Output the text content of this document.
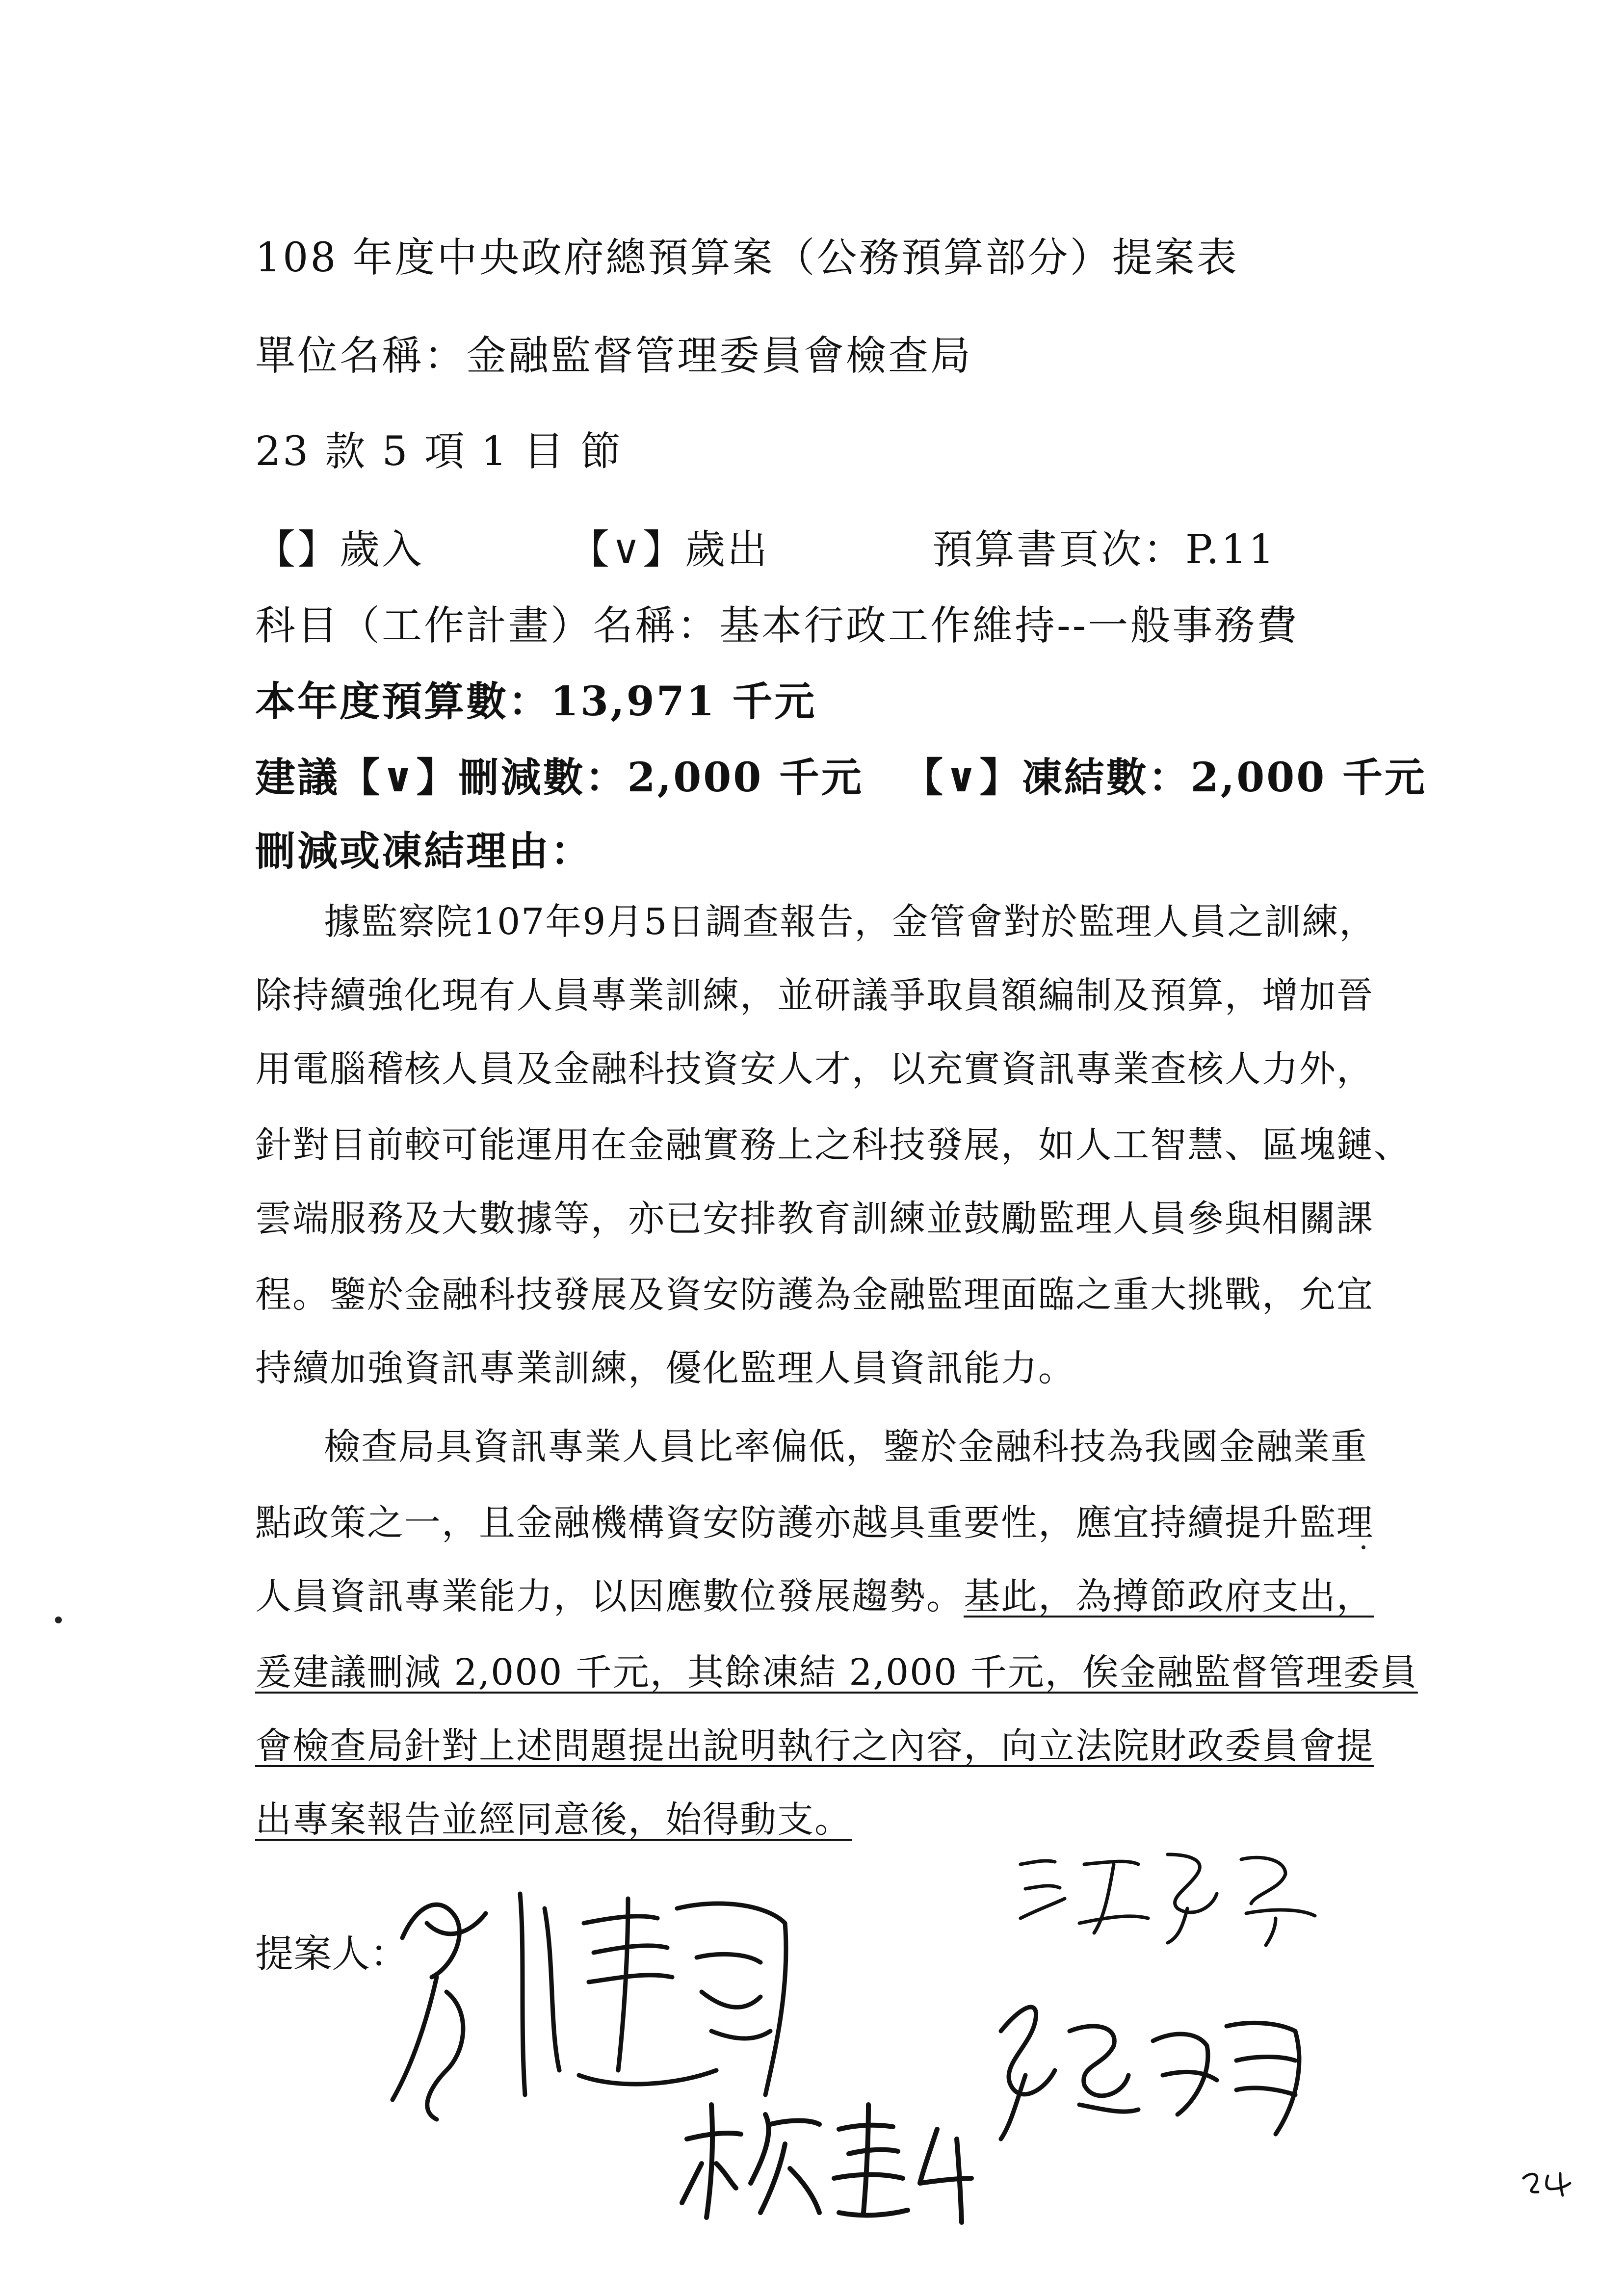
108 年度中央政府總預算案（公務預算部分）提案表
單位名稱：金融監督管理委員會檢查局
23 款 5 項 1 目 節
【】歲入	【∨】歲出	預算書頁次：P.11
科目（工作計畫）名稱：基本行政工作維持--一般事務費
本年度預算數：13,971 千元
建議【∨】刪減數：2,000 千元 【∨】凍結數：2,000 千元
刪減或凍結理由：
據監察院107年9月5日調查報告，金管會對於監理人員之訓練，
除持續強化現有人員專業訓練，並研議爭取員額編制及預算，增加晉
用電腦稽核人員及金融科技資安人才，以充實資訊專業查核人力外，
針對目前較可能運用在金融實務上之科技發展，如人工智慧、區塊鏈、
雲端服務及大數據等，亦已安排教育訓練並鼓勵監理人員參與相關課
程。鑒於金融科技發展及資安防護為金融監理面臨之重大挑戰，允宜
持續加強資訊專業訓練，優化監理人員資訊能力。
檢查局具資訊專業人員比率偏低，鑒於金融科技為我國金融業重
點政策之一，且金融機構資安防護亦越具重要性，應宜持續提升監理
人員資訊專業能力，以因應數位發展趨勢。基此，為撙節政府支出，
爰建議刪減 2,000 千元，其餘凍結 2,000 千元，俟金融監督管理委員
會檢查局針對上述問題提出說明執行之內容，向立法院財政委員會提
出專案報告並經同意後，始得動支。
提案人：
